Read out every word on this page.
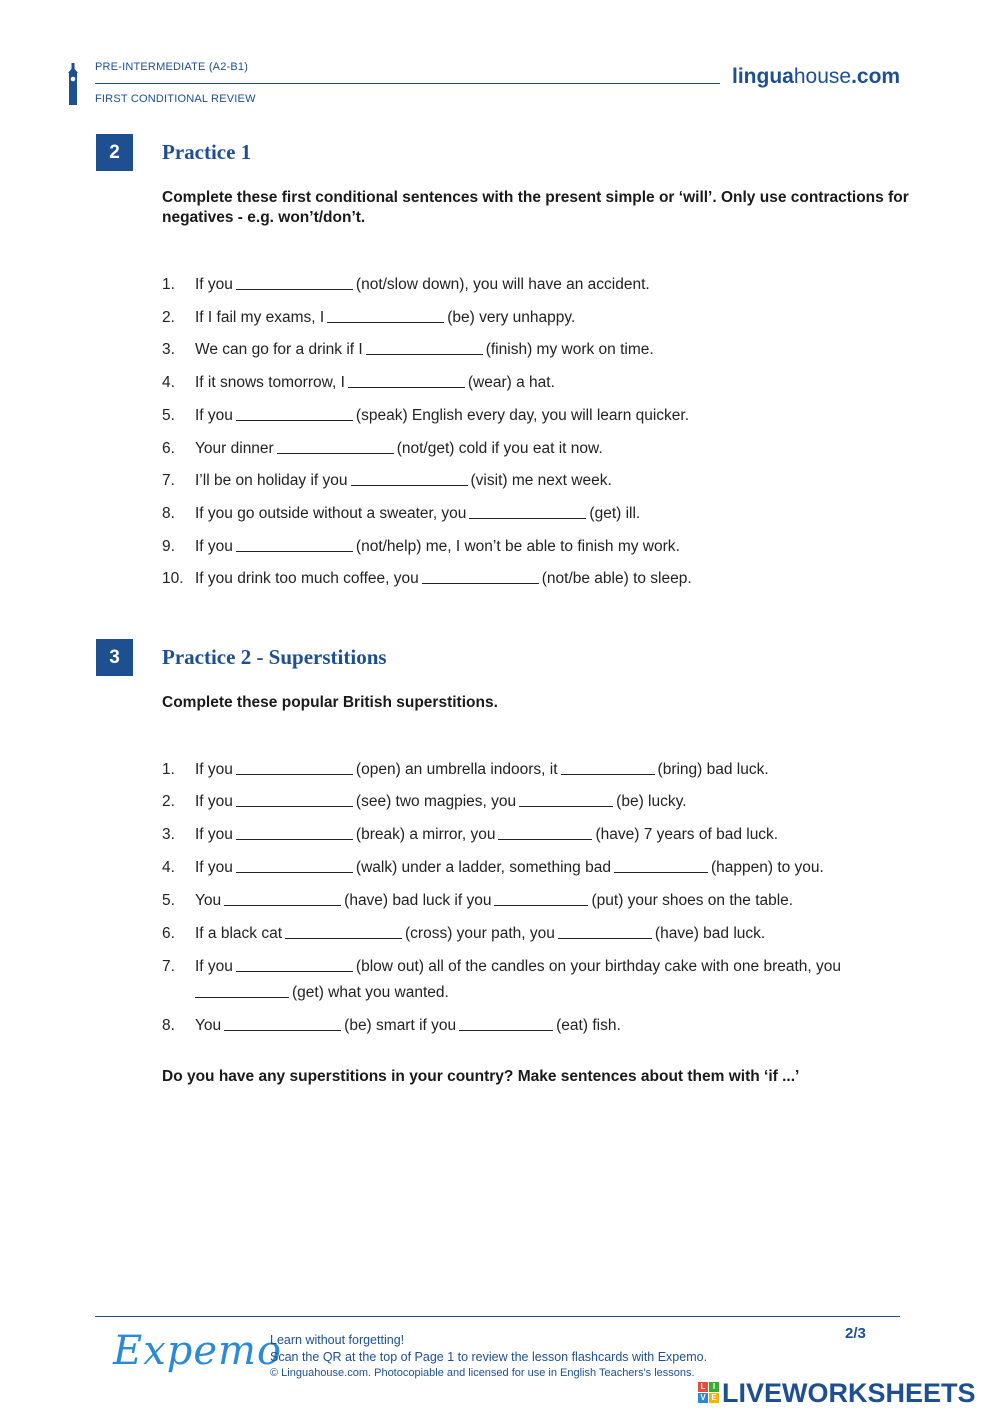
PRE-INTERMEDIATE (A2-B1)
FIRST CONDITIONAL REVIEW
linguahouse.com
2	Practice 1
Complete these first conditional sentences with the present simple or ‘will’. Only use contractions for
negatives - e.g. won’t/don’t.
1. If you	(not/slow down), you will have an accident.
2. If I fail my exams, I	(be) very unhappy.
3. We can go for a drink if I	(finish) my work on time.
4. If it snows tomorrow, I	(wear) a hat.
5. If you	(speak) English every day, you will learn quicker.
6. Your dinner	(not/get) cold if you eat it now.
7. I’ll be on holiday if you	(visit) me next week.
8. If you go outside without a sweater, you	(get) ill.
9. If you	(not/help) me, I won’t be able to finish my work.
10. If you drink too much coffee, you	(not/be able) to sleep.
3	Practice 2 - Superstitions
Complete these popular British superstitions.
1. If you	(open) an umbrella indoors, it	(bring) bad luck.
2. If you	(see) two magpies, you	(be) lucky.
3. If you	(break) a mirror, you	(have) 7 years of bad luck.
4. If you	(walk) under a ladder, something bad	(happen) to you.
5. You	(have) bad luck if you	(put) your shoes on the table.
6. If a black cat	(cross) your path, you	(have) bad luck.
7. If you	(blow out) all of the candles on your birthday cake with one breath, you
(get) what you wanted.
8. You	(be) smart if you	(eat) fish.
Do you have any superstitions in your country? Make sentences about them with ‘if ...’
Expemo
Learn without forgetting!
Scan the QR at the top of Page 1 to review the lesson flashcards with Expemo.
© Linguahouse.com. Photocopiable and licensed for use in English Teachers's lessons.
2/3
L I
V E LIVEWORKSHEETS
